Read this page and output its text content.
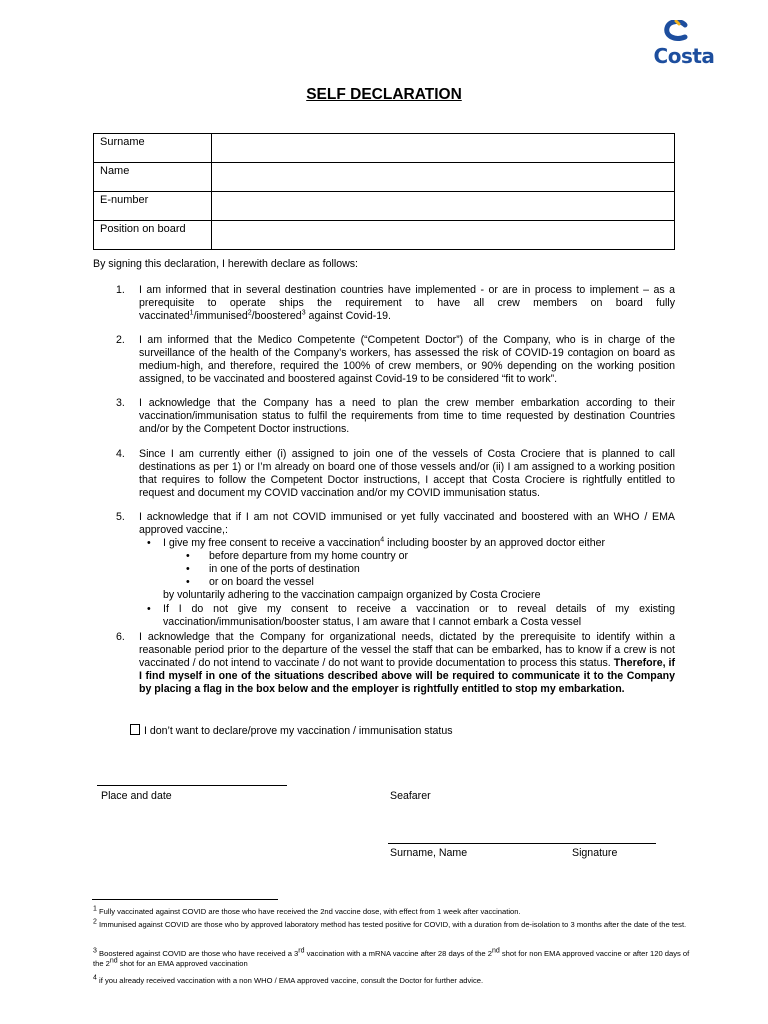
Costa
SELF DECLARATION
Surname	
Name	
E-number	
Position on board	
By signing this declaration, I herewith declare as follows:
1. I am informed that in several destination countries have implemented - or are in process to implement – as a prerequisite to operate ships the requirement to have all crew members on board fully vaccinated$^1$/immunised$^2$/boostered$^3$ against Covid-19.
2. I am informed that the Medico Competente (“Competent Doctor”) of the Company, who is in charge of the surveillance of the health of the Company’s workers, has assessed the risk of COVID-19 contagion on board as medium-high, and therefore, required the 100% of crew members, or 90% depending on the working position assigned, to be vaccinated and boostered against Covid-19 to be considered “fit to work”.
3. I acknowledge that the Company has a need to plan the crew member embarkation according to their vaccination/immunisation status to fulfil the requirements from time to time requested by destination Countries and/or by the Competent Doctor instructions.
4. Since I am currently either (i) assigned to join one of the vessels of Costa Crociere that is planned to call destinations as per 1) or I’m already on board one of those vessels and/or (ii) I am assigned to a working position that requires to follow the Competent Doctor instructions, I accept that Costa Crociere is rightfully entitled to request and document my COVID vaccination and/or my COVID immunisation status.
5. I acknowledge that if I am not COVID immunised or yet fully vaccinated and boostered with an WHO / EMA approved vaccine,:
• I give my free consent to receive a vaccination$^4$ including booster by an approved doctor either
• before departure from my home country or
• in one of the ports of destination
• or on board the vessel
by voluntarily adhering to the vaccination campaign organized by Costa Crociere
• If I do not give my consent to receive a vaccination or to reveal details of my existing vaccination/immunisation/booster status, I am aware that I cannot embark a Costa vessel
6. I acknowledge that the Company for organizational needs, dictated by the prerequisite to identify within a reasonable period prior to the departure of the vessel the staff that can be embarked, has to know if a crew is not vaccinated / do not intend to vaccinate / do not want to provide documentation to process this status. Therefore, if I find myself in one of the situations described above will be required to communicate it to the Company by placing a flag in the box below and the employer is rightfully entitled to stop my embarkation.
I don’t want to declare/prove my vaccination / immunisation status
Place and date	Seafarer
Surname, Name	Signature
$^1$ Fully vaccinated against COVID are those who have received the 2nd vaccine dose, with effect from 1 week after vaccination.
$^2$ Immunised against COVID are those who by approved laboratory method has tested positive for COVID, with a duration from de-isolation to 3 months after the date of the test.
$^3$ Boostered against COVID are those who have received a 3rd vaccination with a mRNA vaccine after 28 days of the 2nd shot for non EMA approved vaccine or after 120 days of the 2nd shot for an EMA approved vaccination
$^4$ if you already received vaccination with a non WHO / EMA approved vaccine, consult the Doctor for further advice.
